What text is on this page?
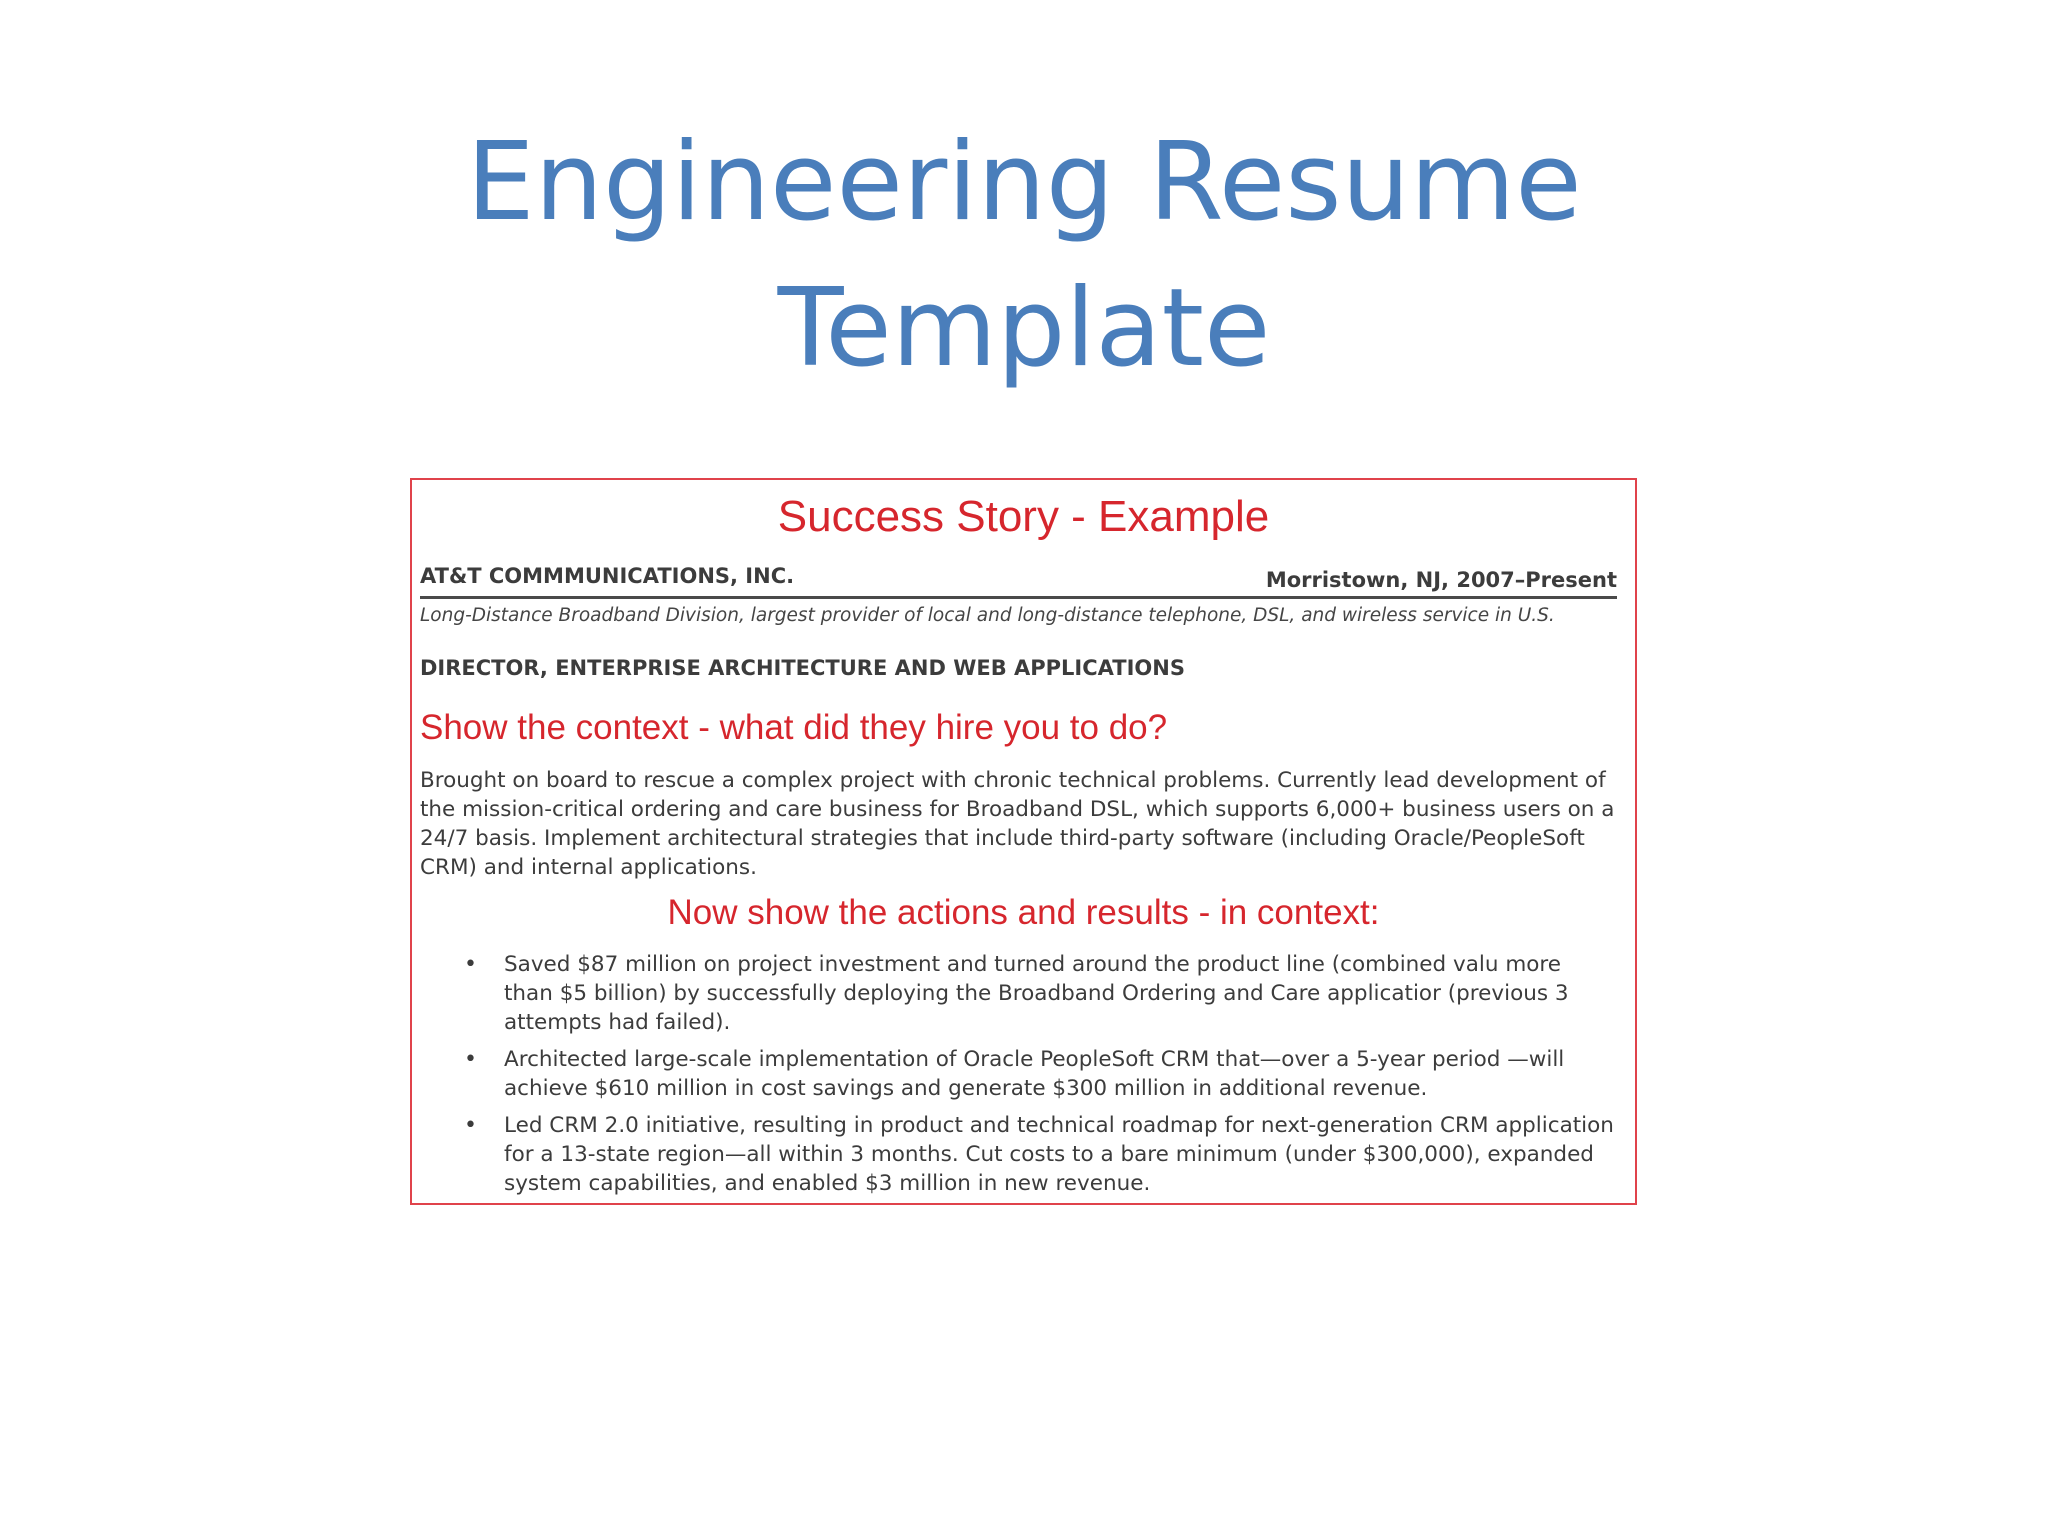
Engineering Resume
Template
Success Story - Example
AT&T COMMMUNICATIONS, INC.	Morristown, NJ, 2007–Present
Long-Distance Broadband Division, largest provider of local and long-distance telephone, DSL, and wireless service in U.S.
DIRECTOR, ENTERPRISE ARCHITECTURE AND WEB APPLICATIONS
Show the context - what did they hire you to do?

Brought on board to rescue a complex project with chronic technical problems. Currently lead development of the mission-critical ordering and care business for Broadband DSL, which supports 6,000+ business users on a 24/7 basis. Implement architectural strategies that include third-party software (including Oracle/PeopleSoft CRM) and internal applications.

Now show the actions and results - in context:
• Saved $87 million on project investment and turned around the product line (combined valu more than $5 billion) by successfully deploying the Broadband Ordering and Care applicatior (previous 3 attempts had failed).
• Architected large-scale implementation of Oracle PeopleSoft CRM that—over a 5-year period —will achieve $610 million in cost savings and generate $300 million in additional revenue.
• Led CRM 2.0 initiative, resulting in product and technical roadmap for next-generation CRM application for a 13-state region—all within 3 months. Cut costs to a bare minimum (under $300,000), expanded system capabilities, and enabled $3 million in new revenue.
